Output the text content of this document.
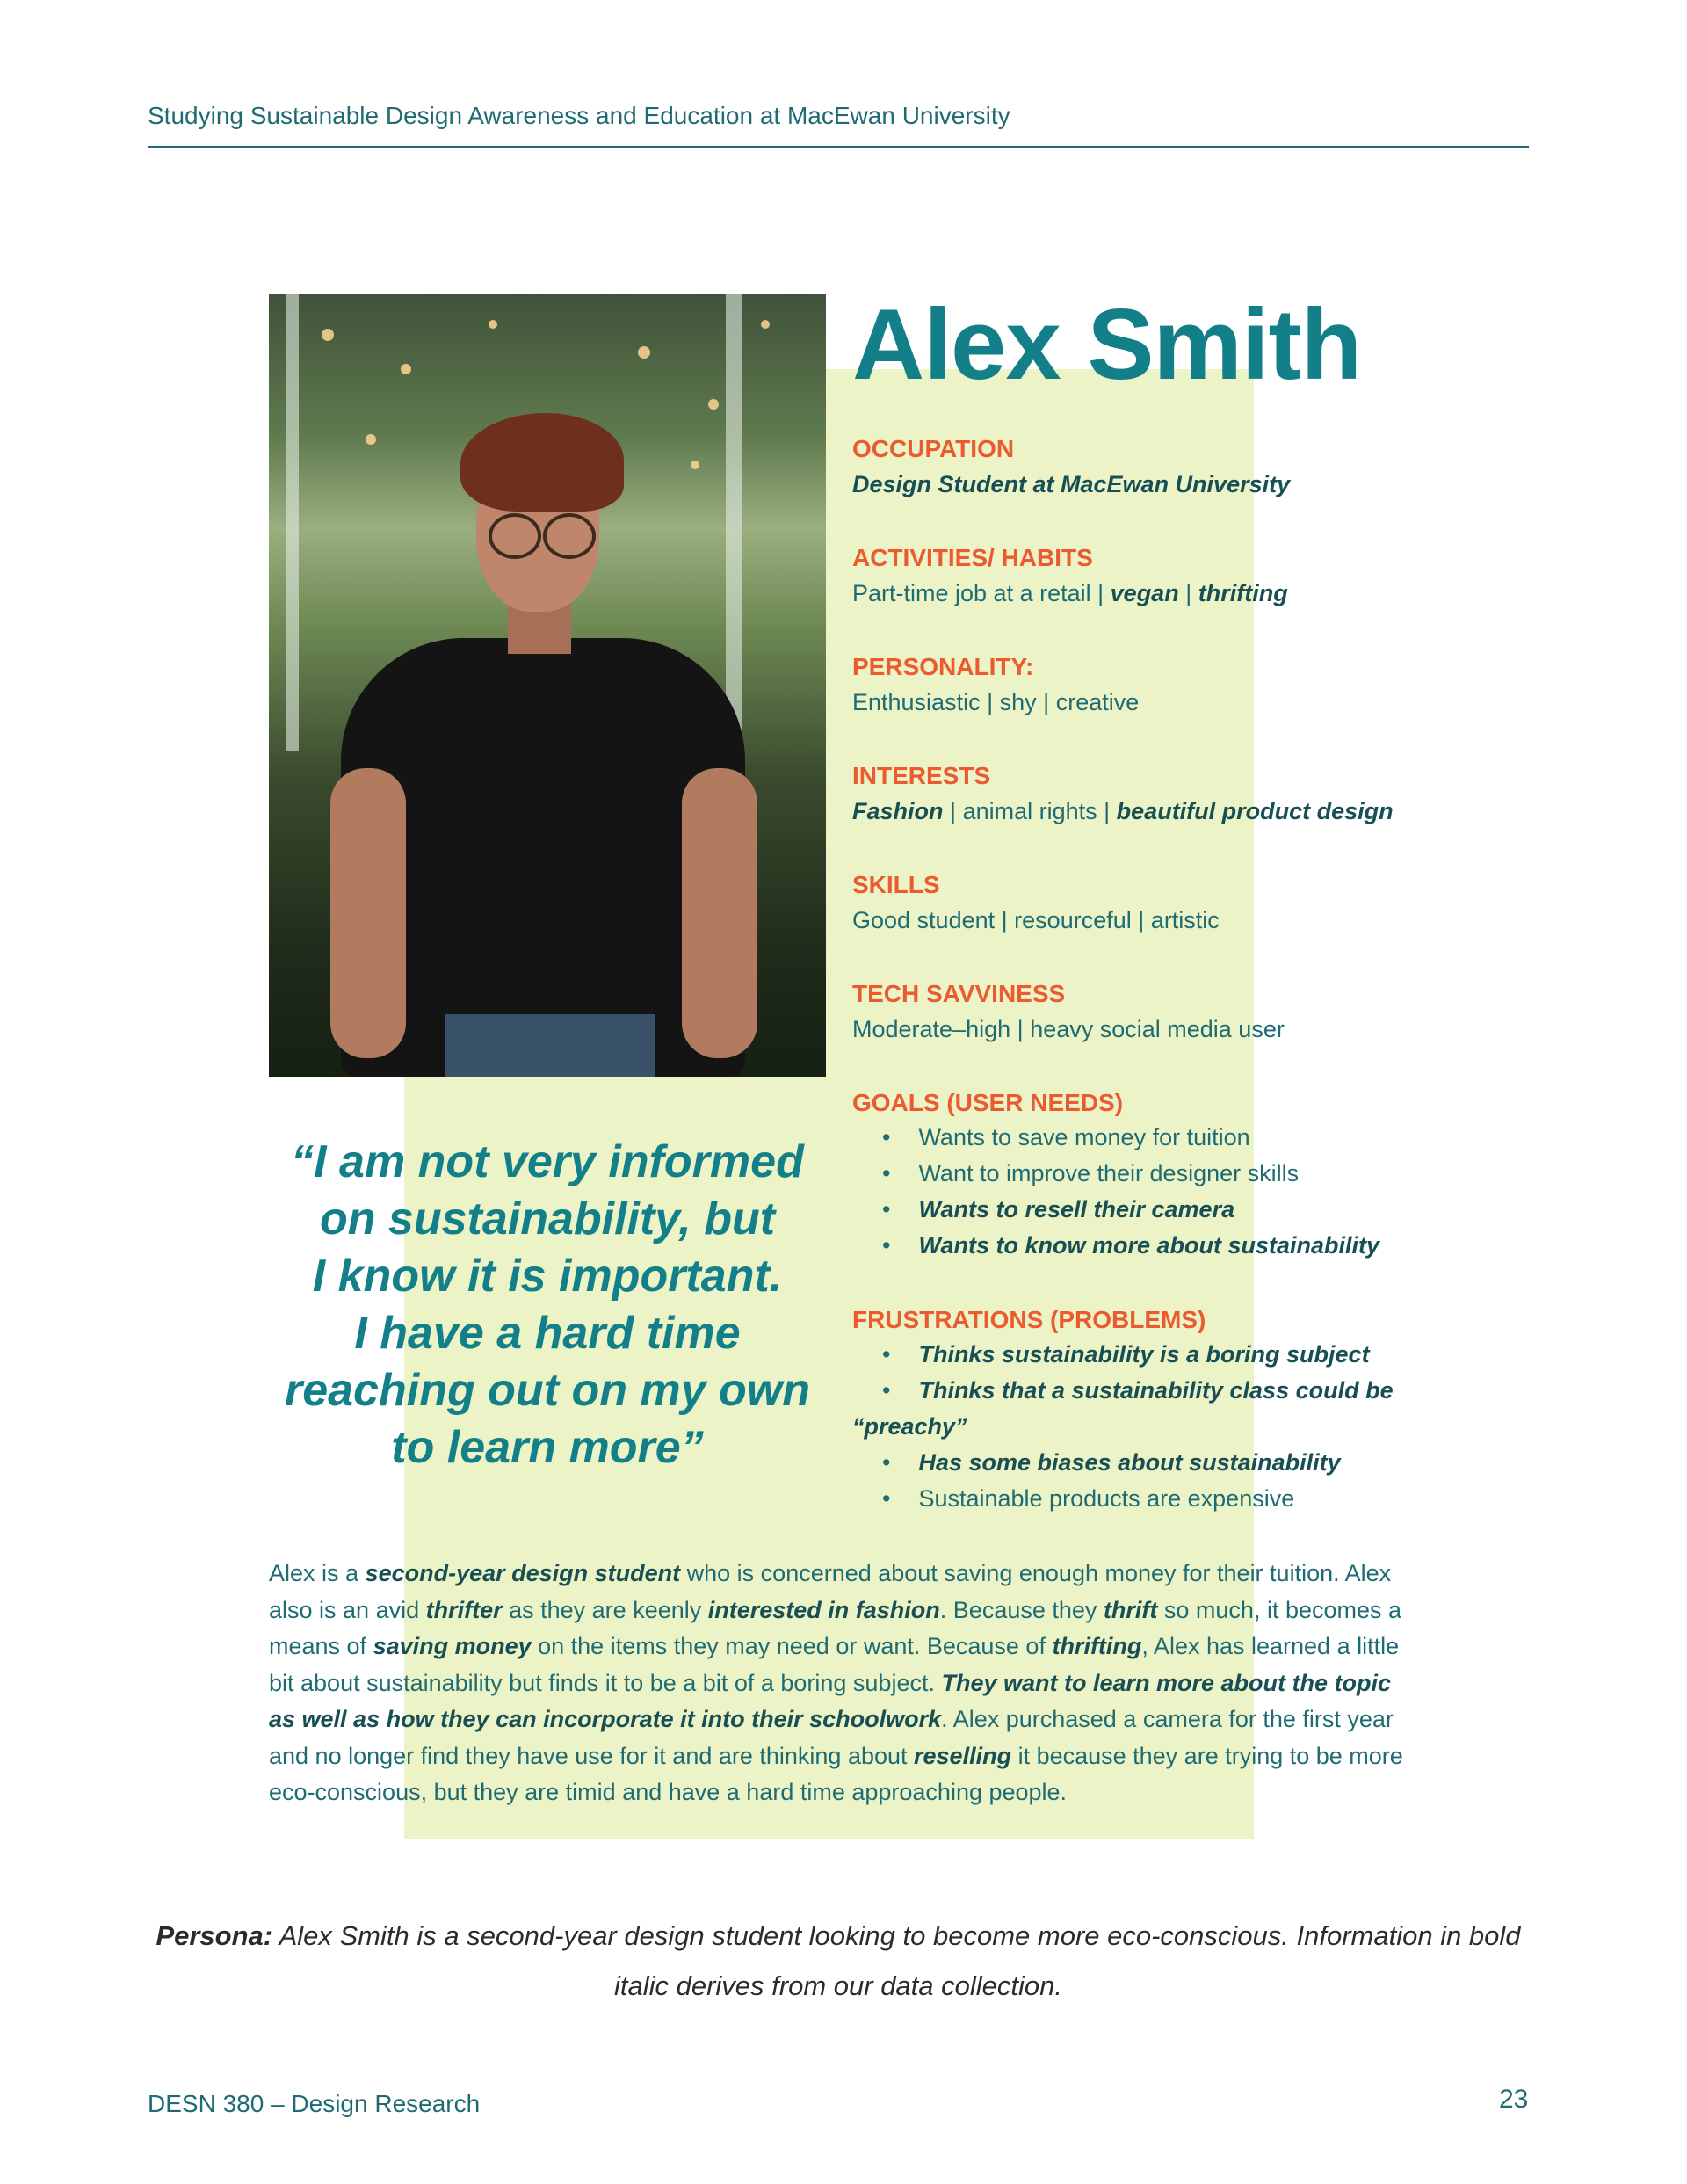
Studying Sustainable Design Awareness and Education at MacEwan University
Alex Smith
OCCUPATION
Design Student at MacEwan University
ACTIVITIES/ HABITS
Part-time job at a retail | vegan | thrifting
PERSONALITY:
Enthusiastic | shy | creative
INTERESTS
Fashion | animal rights | beautiful product design
SKILLS
Good student | resourceful | artistic
TECH SAVVINESS
Moderate–high | heavy social media user
GOALS (USER NEEDS)
• Wants to save money for tuition
• Want to improve their designer skills
• Wants to resell their camera
• Wants to know more about sustainability
FRUSTRATIONS (PROBLEMS)
• Thinks sustainability is a boring subject
• Thinks that a sustainability class could be
“preachy”
• Has some biases about sustainability
• Sustainable products are expensive
“I am not very informed
on sustainability, but
I know it is important.
I have a hard time
reaching out on my own
to learn more”
Alex is a second-year design student who is concerned about saving enough money for their tuition. Alex also is an avid thrifter as they are keenly interested in fashion. Because they thrift so much, it becomes a means of saving money on the items they may need or want. Because of thrifting, Alex has learned a little bit about sustainability but finds it to be a bit of a boring subject. They want to learn more about the topic as well as how they can incorporate it into their schoolwork. Alex purchased a camera for the first year and no longer find they have use for it and are thinking about reselling it because they are trying to be more eco-conscious, but they are timid and have a hard time approaching people.
Persona: Alex Smith is a second-year design student looking to become more eco-conscious. Information in bold italic derives from our data collection.
DESN 380 – Design Research	23
